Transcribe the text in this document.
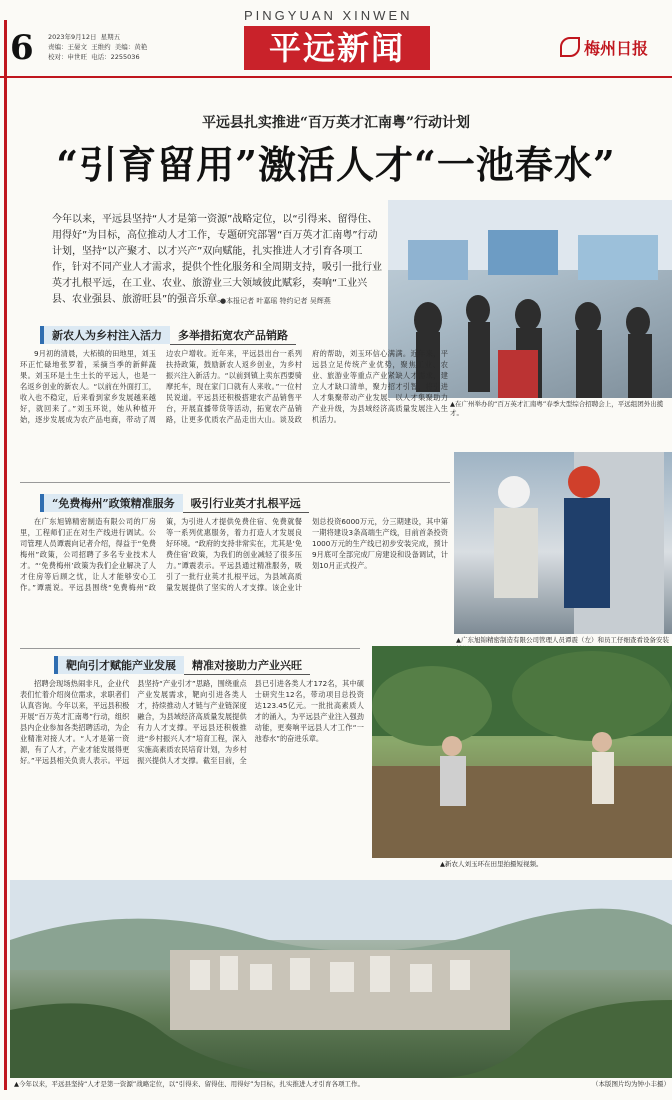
6 2023年9月12日  星期五
责编：王晏文  王维约  美编：黄艳
校对：申世旺  电话：2255036
PINGYUAN XINWEN
平远新闻	梅州日报
平远县扎实推进“百万英才汇南粤”行动计划
“引育留用”激活人才“一池春水”
今年以来，平远县坚持“人才是第一资源”战略定位，以“引得来、留得住、用得好”为目标，高位推动人才工作，专题研究部署“百万英才汇南粤”行动计划，坚持“以产聚才、以才兴产”双向赋能，扎实推进人才引育各项工作，针对不同产业人才需求，提供个性化服务和全周期支持，吸引一批行业英才扎根平远，在工业、农业、旅游业三大领域彼此赋彩，奏响“工业兴县、农业强县、旅游旺县”的强音乐章。
●本报记者 叶嘉瑶 特约记者 吴辉燕
▲在广州举办的“百万英才汇南粤”春季大型综合招聘会上，平远组团外出揽才。
新农人为乡村注入活力	多举措拓宽农产品销路

9月初的清晨，大柘镇的田地里，刘玉环正忙碌地张罗着，采摘当季的新鲜蔬果。刘玉环是土生土长的平远人，也是一名返乡创业的新农人。“以前在外面打工，收入也不稳定，后来看到家乡发展越来越好，就回来了。”刘玉环说，她从种植开始，逐步发展成为农产品电商，带动了周边农户增收。近年来，平远县出台一系列扶持政策，鼓励新农人返乡创业，为乡村振兴注入新活力。“以前到镇上卖东西要骑摩托车，现在家门口就有人来收。”一位村民说道。平远县还积极搭建农产品销售平台，开展直播带货等活动，拓宽农产品销路，让更多优质农产品走出大山。谈及政府的帮助，刘玉环信心满满。近年来，平远县立足传统产业优势，聚焦工业、农业、旅游业等重点产业紧缺人才需求，建立人才缺口清单，聚力招才引智，将引进人才集聚带动产业发展、以人才集聚助力产业升级，为县域经济高质量发展注入生机活力。

“免费梅州”政策精准服务	吸引行业英才扎根平远

在广东旭锦精密制造有限公司的厂房里，工程师们正在对生产线进行调试。公司管理人员谭震向记者介绍，得益于“免费梅州”政策，公司招聘了多名专业技术人才。“‘免费梅州’政策为我们企业解决了人才住房等后顾之忧，让人才能够安心工作。”谭震说。平远县围绕“免费梅州”政策，为引进人才提供免费住宿、免费就餐等一系列优惠服务，着力打造人才发展良好环境。“政府的支持非常实在，尤其是‘免费住宿’政策，为我们的创业减轻了很多压力。”谭震表示。平远县通过精准服务，吸引了一批行业英才扎根平远，为县域高质量发展提供了坚实的人才支撑。该企业计划总投资6000万元，分三期建设，其中第一期将建设3条高端生产线，目前首条投资1000万元的生产线已初步安装完成，预计9月底可全部完成厂房建设和设备调试，计划10月正式投产。

▲广东旭锦精密制造有限公司管理人员谭震（左）和员工仔细查看设备安装
靶向引才赋能产业发展	精准对接助力产业兴旺

招聘会现场热闹非凡，企业代表们忙着介绍岗位需求，求职者们认真咨询。今年以来，平远县积极开展“百万英才汇南粤”行动，组织县内企业参加各类招聘活动，为企业精准对接人才。“人才是第一资源，有了人才，产业才能发展得更好。”平远县相关负责人表示。平远县坚持“产业引才”思路，围绕重点产业发展需求，靶向引进各类人才，持续推动人才链与产业链深度融合，为县域经济高质量发展提供有力人才支撑。平远县还积极推进“乡村振兴人才”培育工程，深入实施高素质农民培育计划，为乡村振兴提供人才支撑。截至目前，全县已引进各类人才172名，其中硕士研究生12名，带动项目总投资达123.45亿元。一批批高素质人才的涌入，为平远县产业注入强劲动能，更奏响平远县人才工作“一池春水”的奋进乐章。

▲新农人刘玉环在田里拍摄短视频。
▲今年以来，平远县坚持“人才是第一资源”战略定位，以“引得来、留得住、用得好”为目标，扎实推进人才引育各项工作。	（本版图片均为钟小丰摄）
